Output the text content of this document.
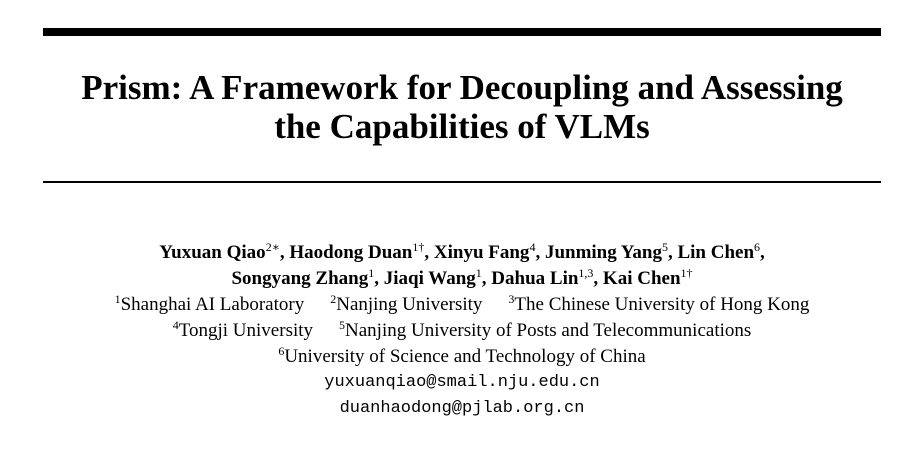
Prism: A Framework for Decoupling and Assessing
the Capabilities of VLMs
Yuxuan Qiao$^{2∗}$, Haodong Duan$^{1\dagger}$, Xinyu Fang$^4$, Junming Yang$^5$, Lin Chen$^6$,
Songyang Zhang$^1$, Jiaqi Wang$^1$, Dahua Lin$^{1,3}$, Kai Chen$^{1\dagger}$
$^1$Shanghai AI Laboratory $^2$Nanjing University $^3$The Chinese University of Hong Kong
$^4$Tongji University $^5$Nanjing University of Posts and Telecommunications
$^6$University of Science and Technology of China
yuxuanqiao@smail.nju.edu.cn
duanhaodong@pjlab.org.cn
